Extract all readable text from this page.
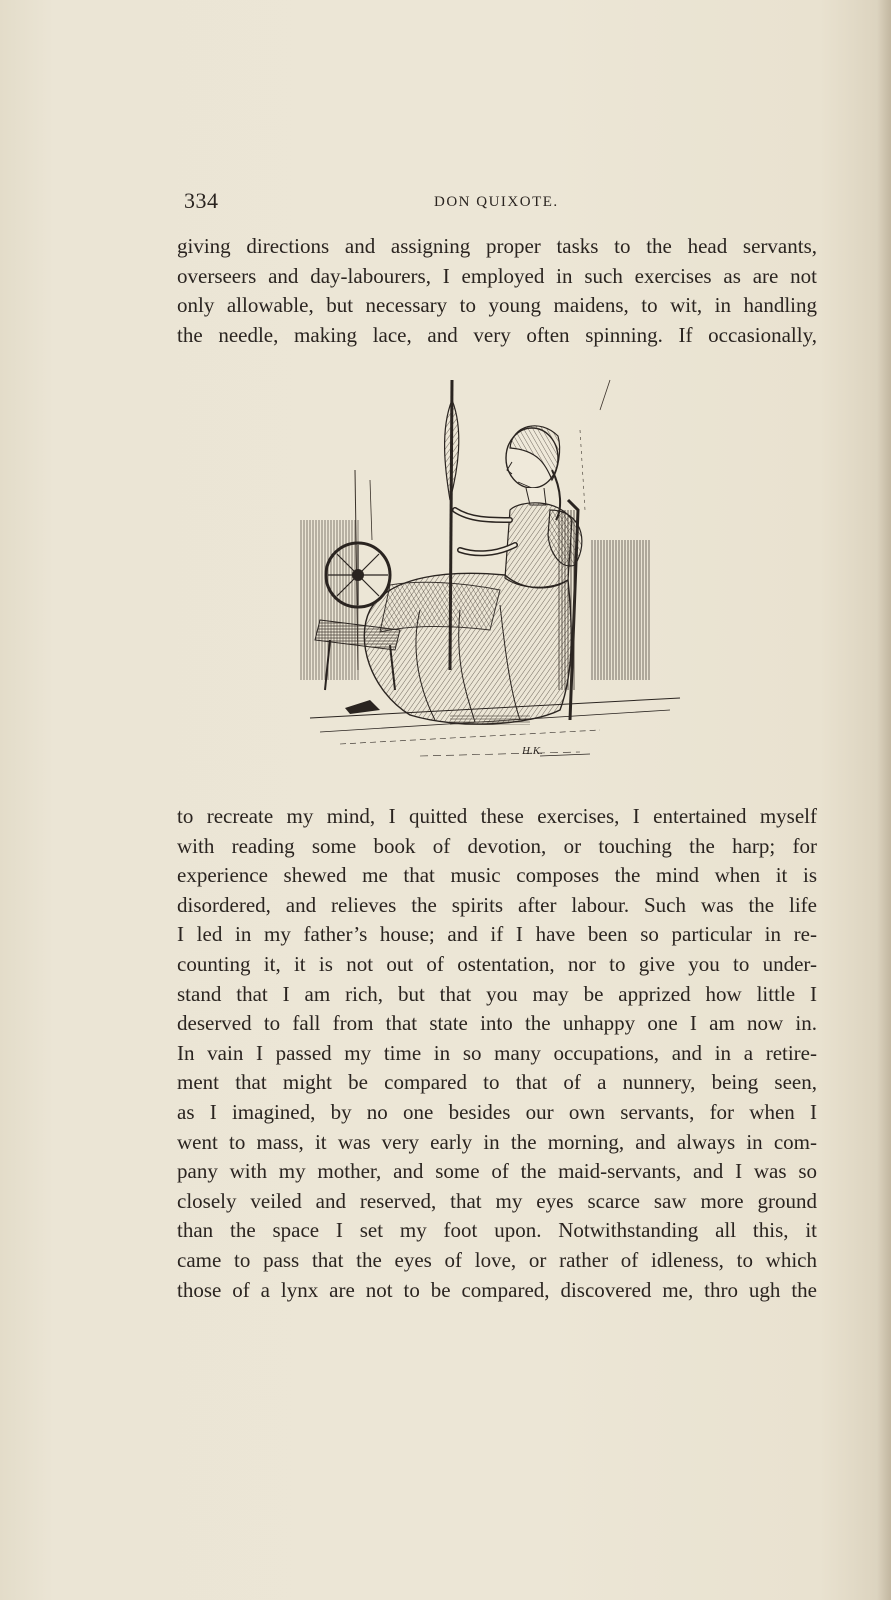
334	DON QUIXOTE.
giving directions and assigning proper tasks to the head servants,
overseers and day-labourers, I employed in such exercises as are not
only allowable, but necessary to young maidens, to wit, in handling
the needle, making lace, and very often spinning. If occasionally,
H.K.
to recreate my mind, I quitted these exercises, I entertained myself
with reading some book of devotion, or touching the harp; for
experience shewed me that music composes the mind when it is
disordered, and relieves the spirits after labour. Such was the life
I led in my father’s house; and if I have been so particular in re-
counting it, it is not out of ostentation, nor to give you to under-
stand that I am rich, but that you may be apprized how little I
deserved to fall from that state into the unhappy one I am now in.
In vain I passed my time in so many occupations, and in a retire-
ment that might be compared to that of a nunnery, being seen,
as I imagined, by no one besides our own servants, for when I
went to mass, it was very early in the morning, and always in com-
pany with my mother, and some of the maid-servants, and I was so
closely veiled and reserved, that my eyes scarce saw more ground
than the space I set my foot upon. Notwithstanding all this, it
came to pass that the eyes of love, or rather of idleness, to which
those of a lynx are not to be compared, discovered me, thro ugh the
